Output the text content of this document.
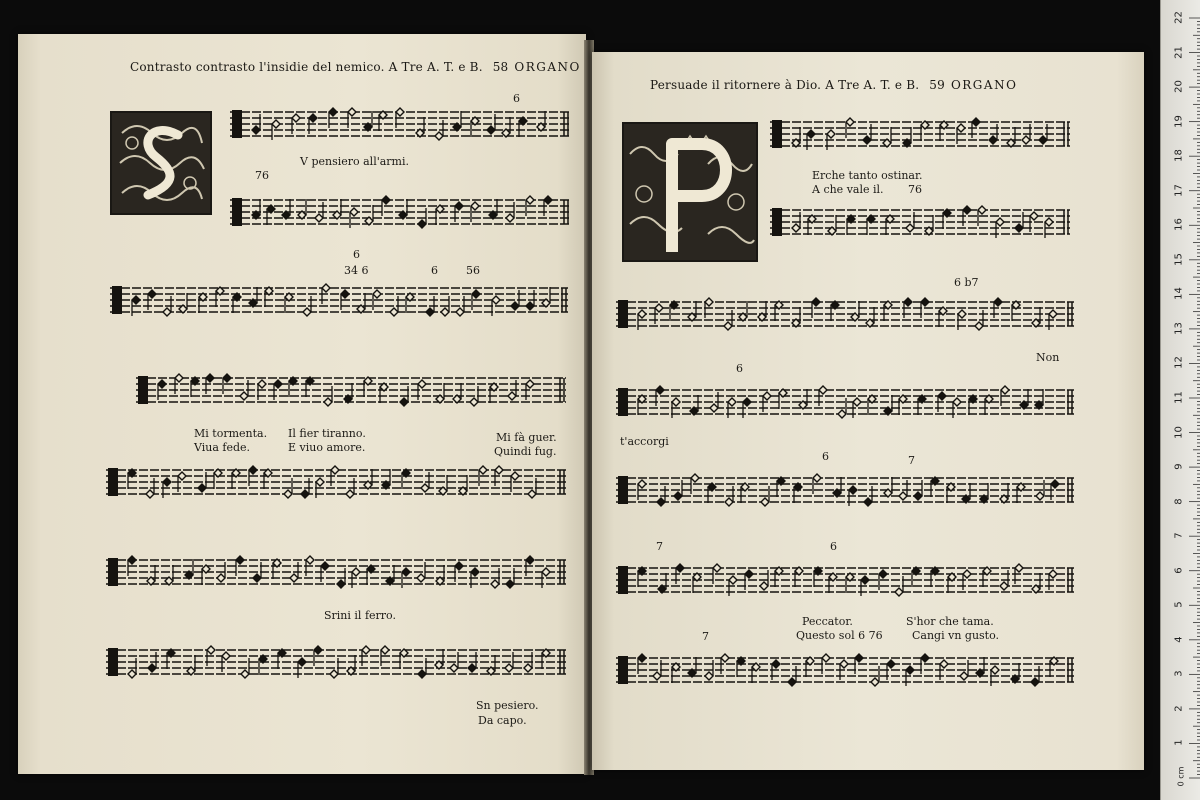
Contrasto contrasto l'insidie del nemico. A Tre A. T. e B. 58 ORGANO
6
V pensiero all'armi.
76
6
34 6	6	56
Mi tormenta.
Viua fede.
Il fier tiranno.
E viuo amore.
Mi fà guer.
Quindi fug.
Srini il ferro.
Sn pesiero.
Da capo.
Persuade il ritornere à Dio. A Tre A. T. e B. 59 ORGANO
Erche tanto ostinar.
A che vale il. 76
6 b7
Non
6
t'accorgi
6	7
7	6
Peccator.
Questo sol 6 76
S'hor che tama.
Cangi vn gusto.
7
22
21
20
19
18
17
16
15
14
13
12
11
10
9
8
7
6
5
4
3
2
1
0 cm
